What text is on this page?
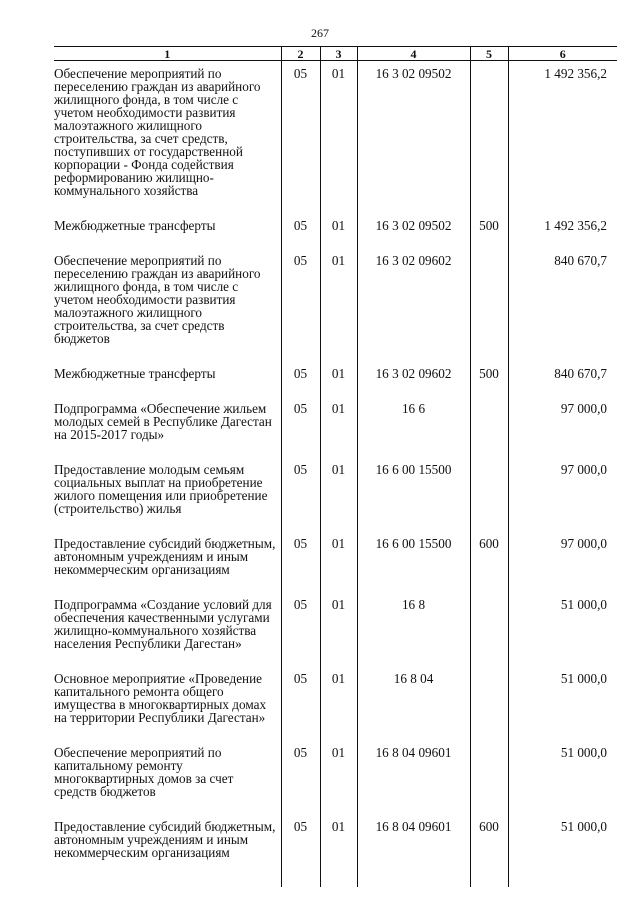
267
1	2	3	4	5	6
Обеспечение мероприятий по переселению граждан из аварийного жилищного фонда, в том числе с учетом необходимости развития малоэтажного жилищного строительства, за счет средств, поступивших от государственной корпорации - Фонда содействия реформированию жилищно-коммунального хозяйства	05	01	16 3 02 09502		1 492 356,2
Межбюджетные трансферты	05	01	16 3 02 09502	500	1 492 356,2
Обеспечение мероприятий по переселению граждан из аварийного жилищного фонда, в том числе с учетом необходимости развития малоэтажного жилищного строительства, за счет средств бюджетов	05	01	16 3 02 09602		840 670,7
Межбюджетные трансферты	05	01	16 3 02 09602	500	840 670,7
Подпрограмма «Обеспечение жильем молодых семей в Республике Дагестан на 2015-2017 годы»	05	01	16 6		97 000,0
Предоставление молодым семьям социальных выплат на приобретение жилого помещения или приобретение (строительство) жилья	05	01	16 6 00 15500		97 000,0
Предоставление субсидий бюджетным, автономным учреждениям и иным некоммерческим организациям	05	01	16 6 00 15500	600	97 000,0
Подпрограмма «Создание условий для обеспечения качественными услугами жилищно-коммунального хозяйства населения Республики Дагестан»	05	01	16 8		51 000,0
Основное мероприятие «Проведение капитального ремонта общего имущества в многоквартирных домах на территории Республики Дагестан»	05	01	16 8 04		51 000,0
Обеспечение мероприятий по капитальному ремонту многоквартирных домов за счет средств бюджетов	05	01	16 8 04 09601		51 000,0
Предоставление субсидий бюджетным, автономным учреждениям и иным некоммерческим организациям	05	01	16 8 04 09601	600	51 000,0
